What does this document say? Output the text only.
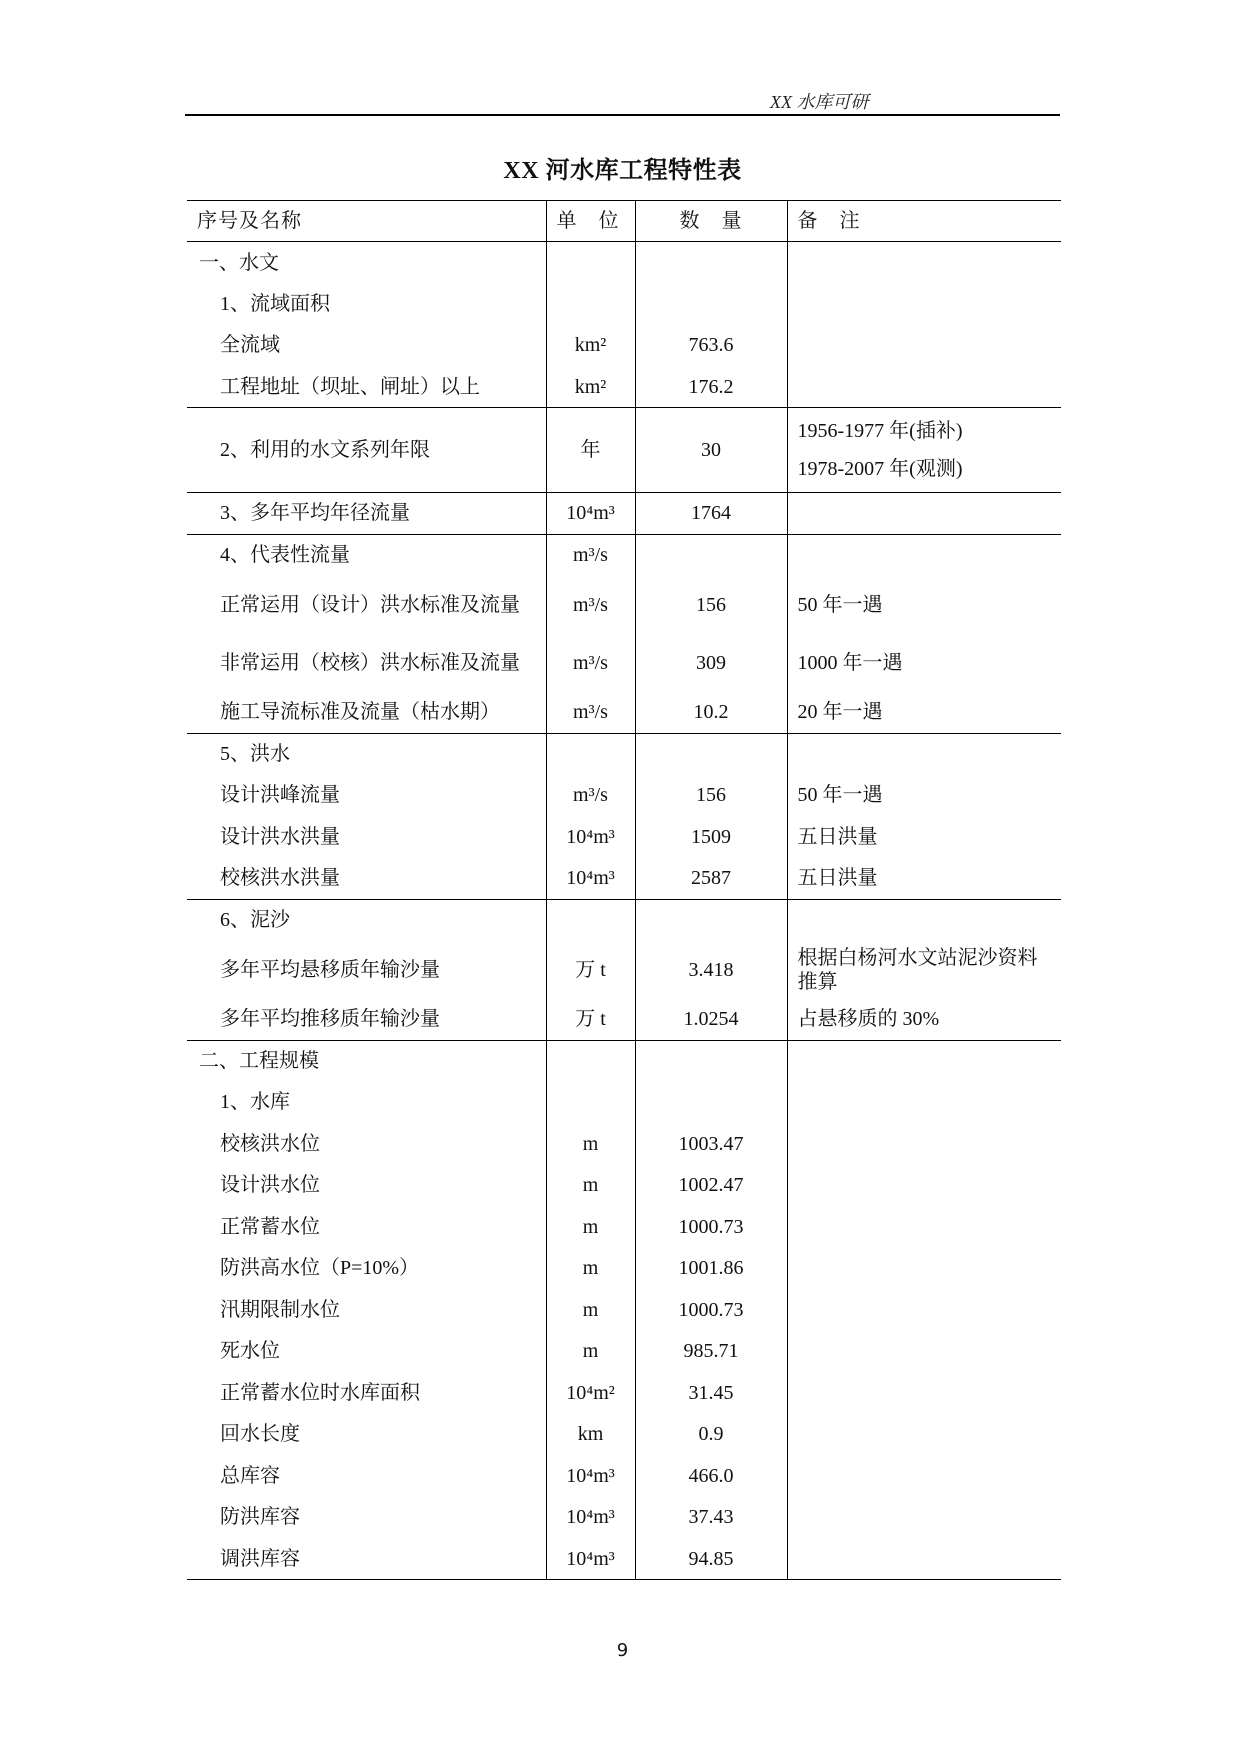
XX 水库可研
XX 河水库工程特性表
序号及名称	单　位	数　量	备　注
一、水文			
1、流域面积			
全流域	km²	763.6	
工程地址（坝址、闸址）以上	km²	176.2	
2、利用的水文系列年限	年	30	1956-1977 年(插补)
1978-2007 年(观测)

3、多年平均年径流量	10⁴m³	1764	
4、代表性流量	m³/s		
正常运用（设计）洪水标准及流量	m³/s	156	50 年一遇
非常运用（校核）洪水标准及流量	m³/s	309	1000 年一遇
施工导流标准及流量（枯水期）	m³/s	10.2	20 年一遇
5、洪水			
设计洪峰流量	m³/s	156	50 年一遇
设计洪水洪量	10⁴m³	1509	五日洪量
校核洪水洪量	10⁴m³	2587	五日洪量
6、泥沙			
多年平均悬移质年输沙量	万 t	3.418	根据白杨河水文站泥沙资料推算
多年平均推移质年输沙量	万 t	1.0254	占悬移质的 30%
二、工程规模			
1、水库			
校核洪水位	m	1003.47	
设计洪水位	m	1002.47	
正常蓄水位	m	1000.73	
防洪高水位（P=10%）	m	1001.86	
汛期限制水位	m	1000.73	
死水位	m	985.71	
正常蓄水位时水库面积	10⁴m²	31.45	
回水长度	km	0.9	
总库容	10⁴m³	466.0	
防洪库容	10⁴m³	37.43	
调洪库容	10⁴m³	94.85	
9
